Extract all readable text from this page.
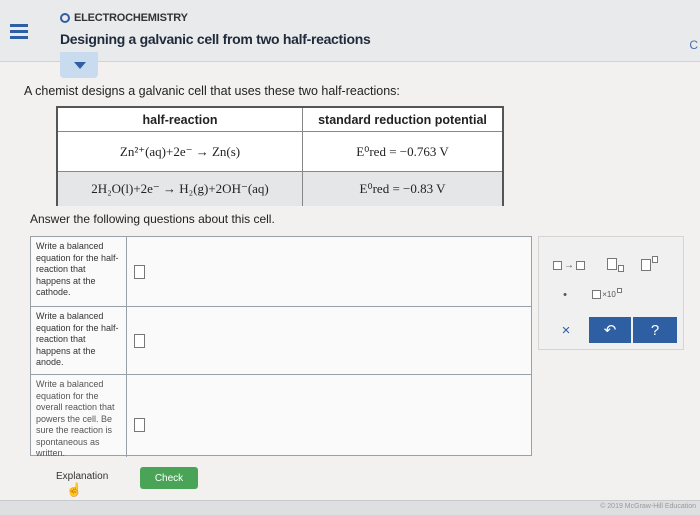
ELECTROCHEMISTRY
Designing a galvanic cell from two half-reactions	C
A chemist designs a galvanic cell that uses these two half-reactions:
half-reaction	standard reduction potential
Zn²⁺(aq)+2e⁻ → Zn(s)	E⁰red = −0.763 V
2H₂O(l)+2e⁻ → H₂(g)+2OH⁻(aq)	E⁰red = −0.83 V
Answer the following questions about this cell.
Write a balanced equation for the half-reaction that happens at the cathode.
Write a balanced equation for the half-reaction that happens at the anode.
Write a balanced equation for the overall reaction that powers the cell. Be sure the reaction is spontaneous as written.
→
•	×10
×	↶	?
Explanation
☝
Check
© 2019 McGraw-Hill Education
